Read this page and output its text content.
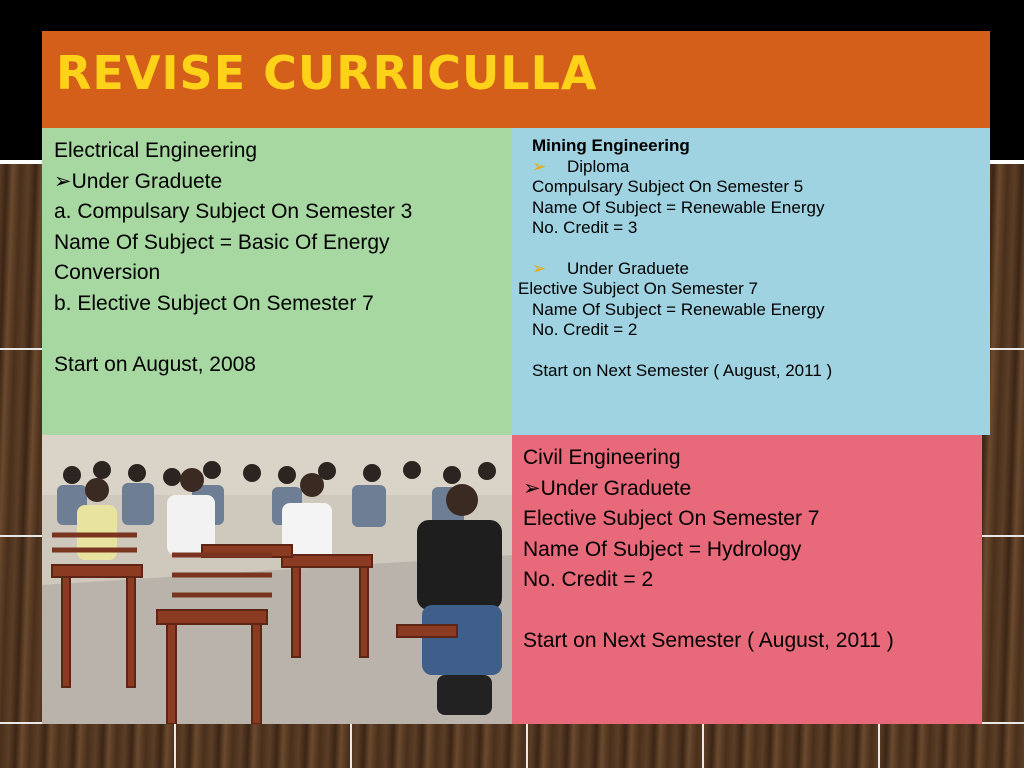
REVISE CURRICULLA
Electrical Engineering
➢Under Graduete
a. Compulsary Subject On Semester 3
Name Of Subject = Basic Of Energy
Conversion
b. Elective Subject On Semester 7
Start on August, 2008
Mining Engineering
➢ Diploma
Compulsary Subject On Semester 5
Name Of Subject = Renewable Energy
No. Credit = 3
➢ Under Graduete
Elective Subject On Semester 7
Name Of Subject = Renewable Energy
No. Credit = 2
Start on Next Semester ( August, 2011 )
Civil Engineering
➢Under Graduete
Elective Subject On Semester 7
Name Of Subject = Hydrology
No. Credit = 2
Start on Next Semester ( August, 2011 )
